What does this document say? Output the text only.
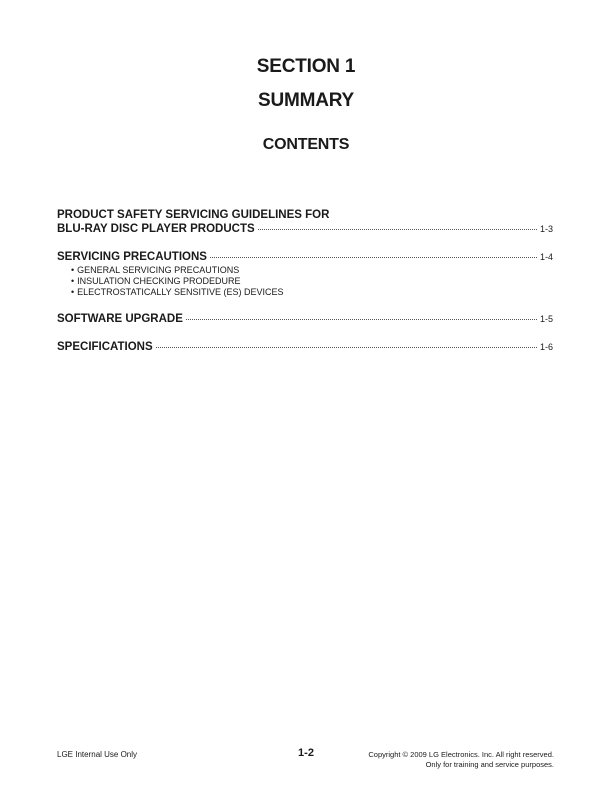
SECTION 1
SUMMARY
CONTENTS
PRODUCT SAFETY SERVICING GUIDELINES FOR
BLU-RAY DISC PLAYER PRODUCTS	1-3
SERVICING PRECAUTIONS	1-4
• GENERAL SERVICING PRECAUTIONS
• INSULATION CHECKING PRODEDURE
• ELECTROSTATICALLY SENSITIVE (ES) DEVICES
SOFTWARE UPGRADE	1-5
SPECIFICATIONS	1-6
LGE Internal Use Only	1-2	Copyright © 2009 LG Electronics. Inc. All right reserved.
Only for training and service purposes.
